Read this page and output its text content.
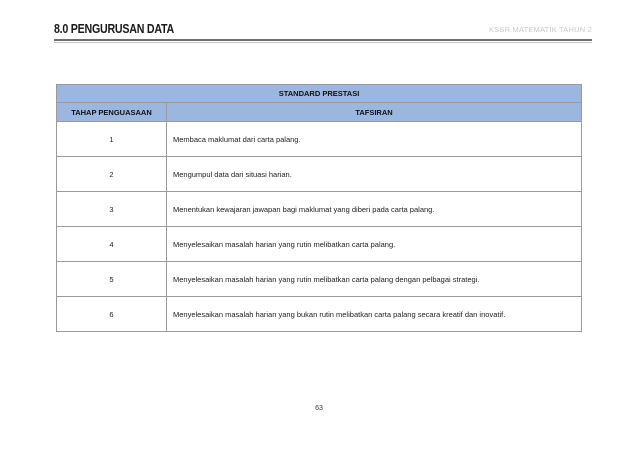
8.0 PENGURUSAN DATA	KSSR MATEMATIK TAHUN 2
STANDARD PRESTASI	
TAHAP PENGUASAAN	TAFSIRAN
1	Membaca maklumat dari carta palang.
2	Mengumpul data dari situasi harian.
3	Menentukan kewajaran jawapan bagi maklumat yang diberi pada carta palang.
4	Menyelesaikan masalah harian yang rutin melibatkan carta palang.
5	Menyelesaikan masalah harian yang rutin melibatkan carta palang dengan pelbagai strategi.
6	Menyelesaikan masalah harian yang bukan rutin melibatkan carta palang secara kreatif dan inovatif.
63
